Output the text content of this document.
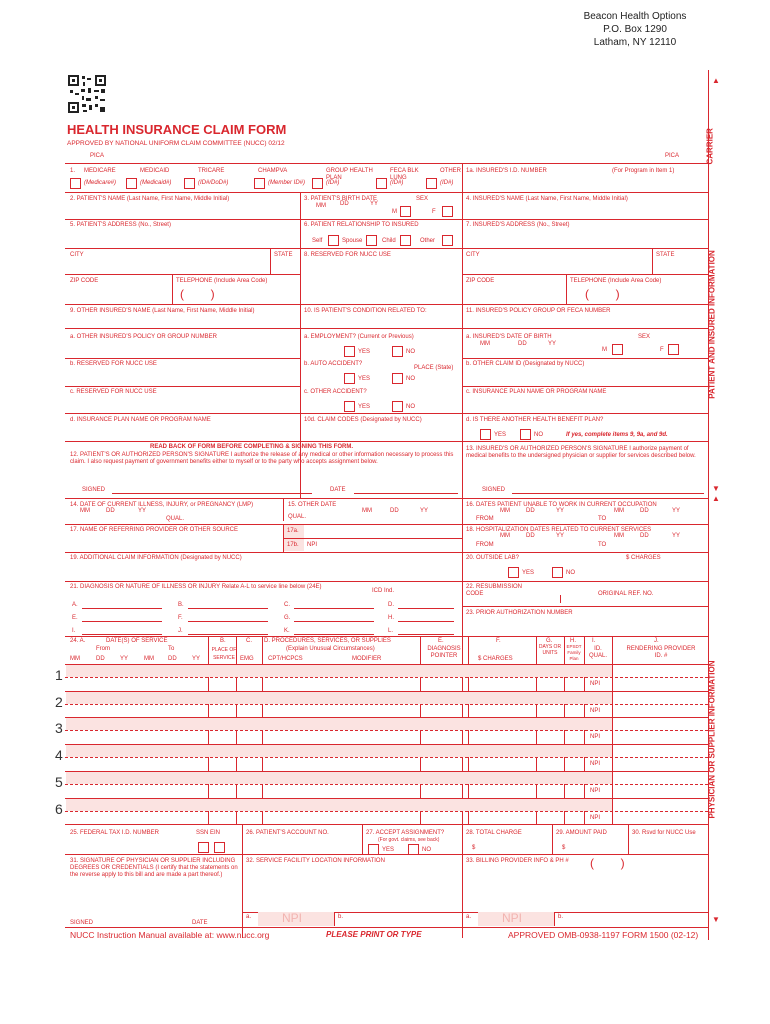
Beacon Health Options
P.O. Box 1290
Latham, NY 12110
HEALTH INSURANCE CLAIM FORM
APPROVED BY NATIONAL UNIFORM CLAIM COMMITTEE (NUCC) 02/12
PICA	PICA	CARRIER
PATIENT AND INSURED INFORMATION
PHYSICIAN OR SUPPLIER INFORMATION
▲
▼
▲
▼
1. MEDICARE	MEDICAID	TRICARE	CHAMPVA	GROUP HEALTH PLAN
FECA BLK LUNG
OTHER
(Medicare#)	(Medicaid#)	(ID#/DoD#)	(Member ID#)	(ID#)	(ID#)	(ID#)
1a. INSURED'S I.D. NUMBER	(For Program in Item 1)
2. PATIENT'S NAME (Last Name, First Name, Middle Initial)	3. PATIENT'S BIRTH DATE	SEX
MM DD	YY
M	F
4. INSURED'S NAME (Last Name, First Name, Middle Initial)
5. PATIENT'S ADDRESS (No., Street)	6. PATIENT RELATIONSHIP TO INSURED
Self	Spouse	Child	Other
7. INSURED'S ADDRESS (No., Street)
CITY	STATE 8. RESERVED FOR NUCC USE	CITY	STATE
ZIP CODE	TELEPHONE (Include Area Code)
(        )
ZIP CODE	TELEPHONE (Include Area Code)
(        )
9. OTHER INSURED'S NAME (Last Name, First Name, Middle Initial)	10. IS PATIENT'S CONDITION RELATED TO:	11. INSURED'S POLICY GROUP OR FECA NUMBER
a. OTHER INSURED'S POLICY OR GROUP NUMBER	a. EMPLOYMENT? (Current or Previous)
YES	NO
a. INSURED'S DATE OF BIRTH	SEX
MM	DD	YY
M	F
b. RESERVED FOR NUCC USE	b. AUTO ACCIDENT?
PLACE (State)
YES	NO
b. OTHER CLAIM ID (Designated by NUCC)
c. RESERVED FOR NUCC USE	c. OTHER ACCIDENT?
YES	NO
c. INSURANCE PLAN NAME OR PROGRAM NAME
d. INSURANCE PLAN NAME OR PROGRAM NAME	10d. CLAIM CODES (Designated by NUCC)	d. IS THERE ANOTHER HEALTH BENEFIT PLAN?
YES	NO	If yes, complete items 9, 9a, and 9d.
READ BACK OF FORM BEFORE COMPLETING & SIGNING THIS FORM.
12. PATIENT'S OR AUTHORIZED PERSON'S SIGNATURE I authorize the release of any medical or other information necessary to process this claim. I also request payment of government benefits either to myself or to the party who accepts assignment below.
13. INSURED'S OR AUTHORIZED PERSON'S SIGNATURE I authorize payment of medical benefits to the undersigned physician or supplier for services described below.
SIGNED	DATE	SIGNED
14. DATE OF CURRENT ILLNESS, INJURY, or PREGNANCY (LMP)
MM	DD	YY
QUAL.
15. OTHER DATE
QUAL.
MM	DD	YY
16. DATES PATIENT UNABLE TO WORK IN CURRENT OCCUPATION
MM	DD	YY	MM	DD	YY
FROM	TO
17. NAME OF REFERRING PROVIDER OR OTHER SOURCE	17a.
17b. NPI
18. HOSPITALIZATION DATES RELATED TO CURRENT SERVICES
MM	DD	YY	MM	DD	YY
FROM	TO
19. ADDITIONAL CLAIM INFORMATION (Designated by NUCC)	20. OUTSIDE LAB?	$ CHARGES
YES	NO
21. DIAGNOSIS OR NATURE OF ILLNESS OR INJURY Relate A-L to service line below (24E)
ICD Ind.
A.	B.	C.	D.
E.	F.	G.	H.
I.	J.	K.	L.
22. RESUBMISSION CODE	ORIGINAL REF. NO.
23. PRIOR AUTHORIZATION NUMBER
24. A.	DATE(S) OF SERVICE
From	To
MM	DD	YY	MM DD	YY
B.
PLACE OF SERVICE
C.
EMG
D. PROCEDURES, SERVICES, OR SUPPLIES
(Explain Unusual Circumstances)
CPT/HCPCS	MODIFIER
E.
DIAGNOSIS POINTER
F.
$ CHARGES
G.
DAYS OR UNITS
H.
EPSDT Family Plan
I.
ID. QUAL.
J.
RENDERING PROVIDER ID. #
1
NPI
2
NPI
3
NPI
4
NPI
5
NPI
6
NPI
25. FEDERAL TAX I.D. NUMBER	SSN EIN	26. PATIENT'S ACCOUNT NO.	27. ACCEPT ASSIGNMENT?
(For govt. claims, see back)
YES	NO
28. TOTAL CHARGE
$
29. AMOUNT PAID
$
30. Rsvd for NUCC Use
31. SIGNATURE OF PHYSICIAN OR SUPPLIER INCLUDING DEGREES OR CREDENTIALS (I certify that the statements on the reverse apply to this bill and are made a part thereof.)
32. SERVICE FACILITY LOCATION INFORMATION	33. BILLING PROVIDER INFO & PH # (        )
a.	NPI	b.	a.	NPI	b.
SIGNED	DATE
NUCC Instruction Manual available at: www.nucc.org	PLEASE PRINT OR TYPE	APPROVED OMB-0938-1197 FORM 1500 (02-12)
